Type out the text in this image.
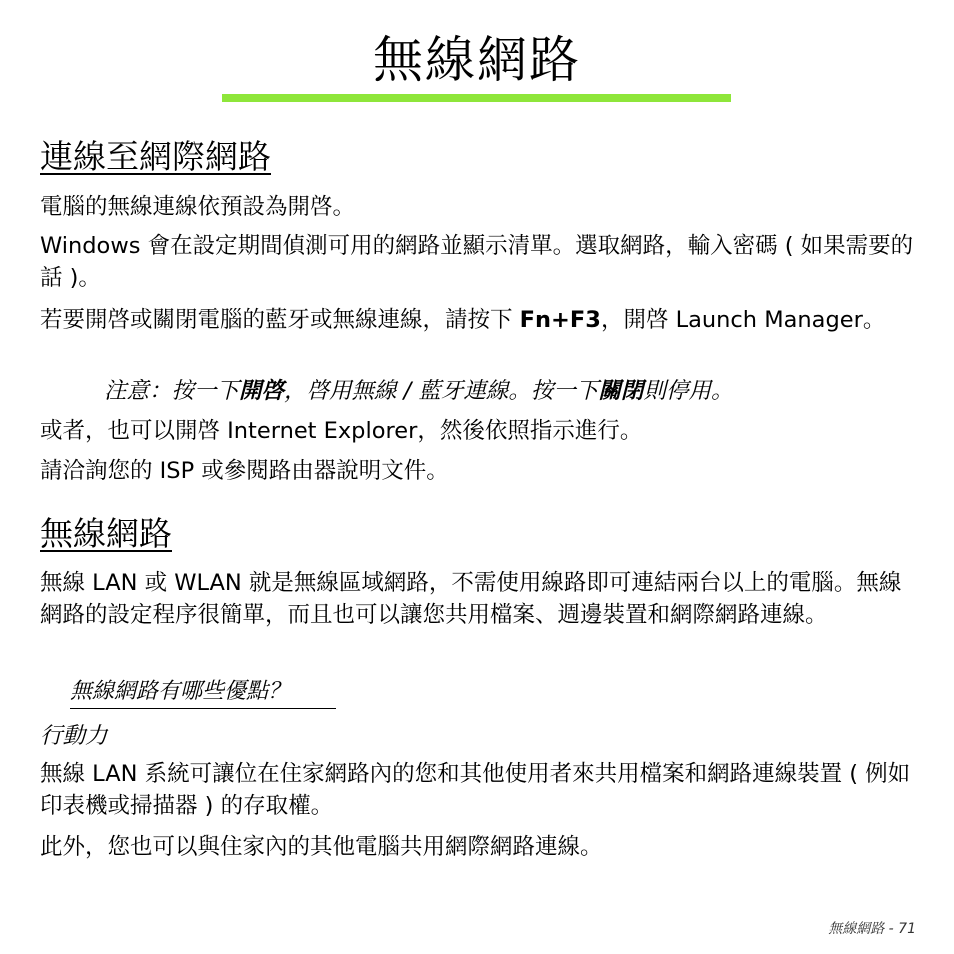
無線網路
連線至網際網路

電腦的無線連線依預設為開啓。

Windows 會在設定期間偵測可用的網路並顯示清單。選取網路，輸入密碼 ( 如果需要的話 )。

若要開啓或關閉電腦的藍牙或無線連線，請按下 Fn+F3，開啓 Launch Manager。

注意：按一下開啓，啓用無線 / 藍牙連線。按一下關閉則停用。

或者，也可以開啓 Internet Explorer，然後依照指示進行。

請洽詢您的 ISP 或參閱路由器說明文件。

無線網路

無線 LAN 或 WLAN 就是無線區域網路，不需使用線路即可連結兩台以上的電腦。無線網路的設定程序很簡單，而且也可以讓您共用檔案、週邊裝置和網際網路連線。

無線網路有哪些優點？

行動力

無線 LAN 系統可讓位在住家網路內的您和其他使用者來共用檔案和網路連線裝置 ( 例如印表機或掃描器 ) 的存取權。

此外，您也可以與住家內的其他電腦共用網際網路連線。

無線網路 - 71
